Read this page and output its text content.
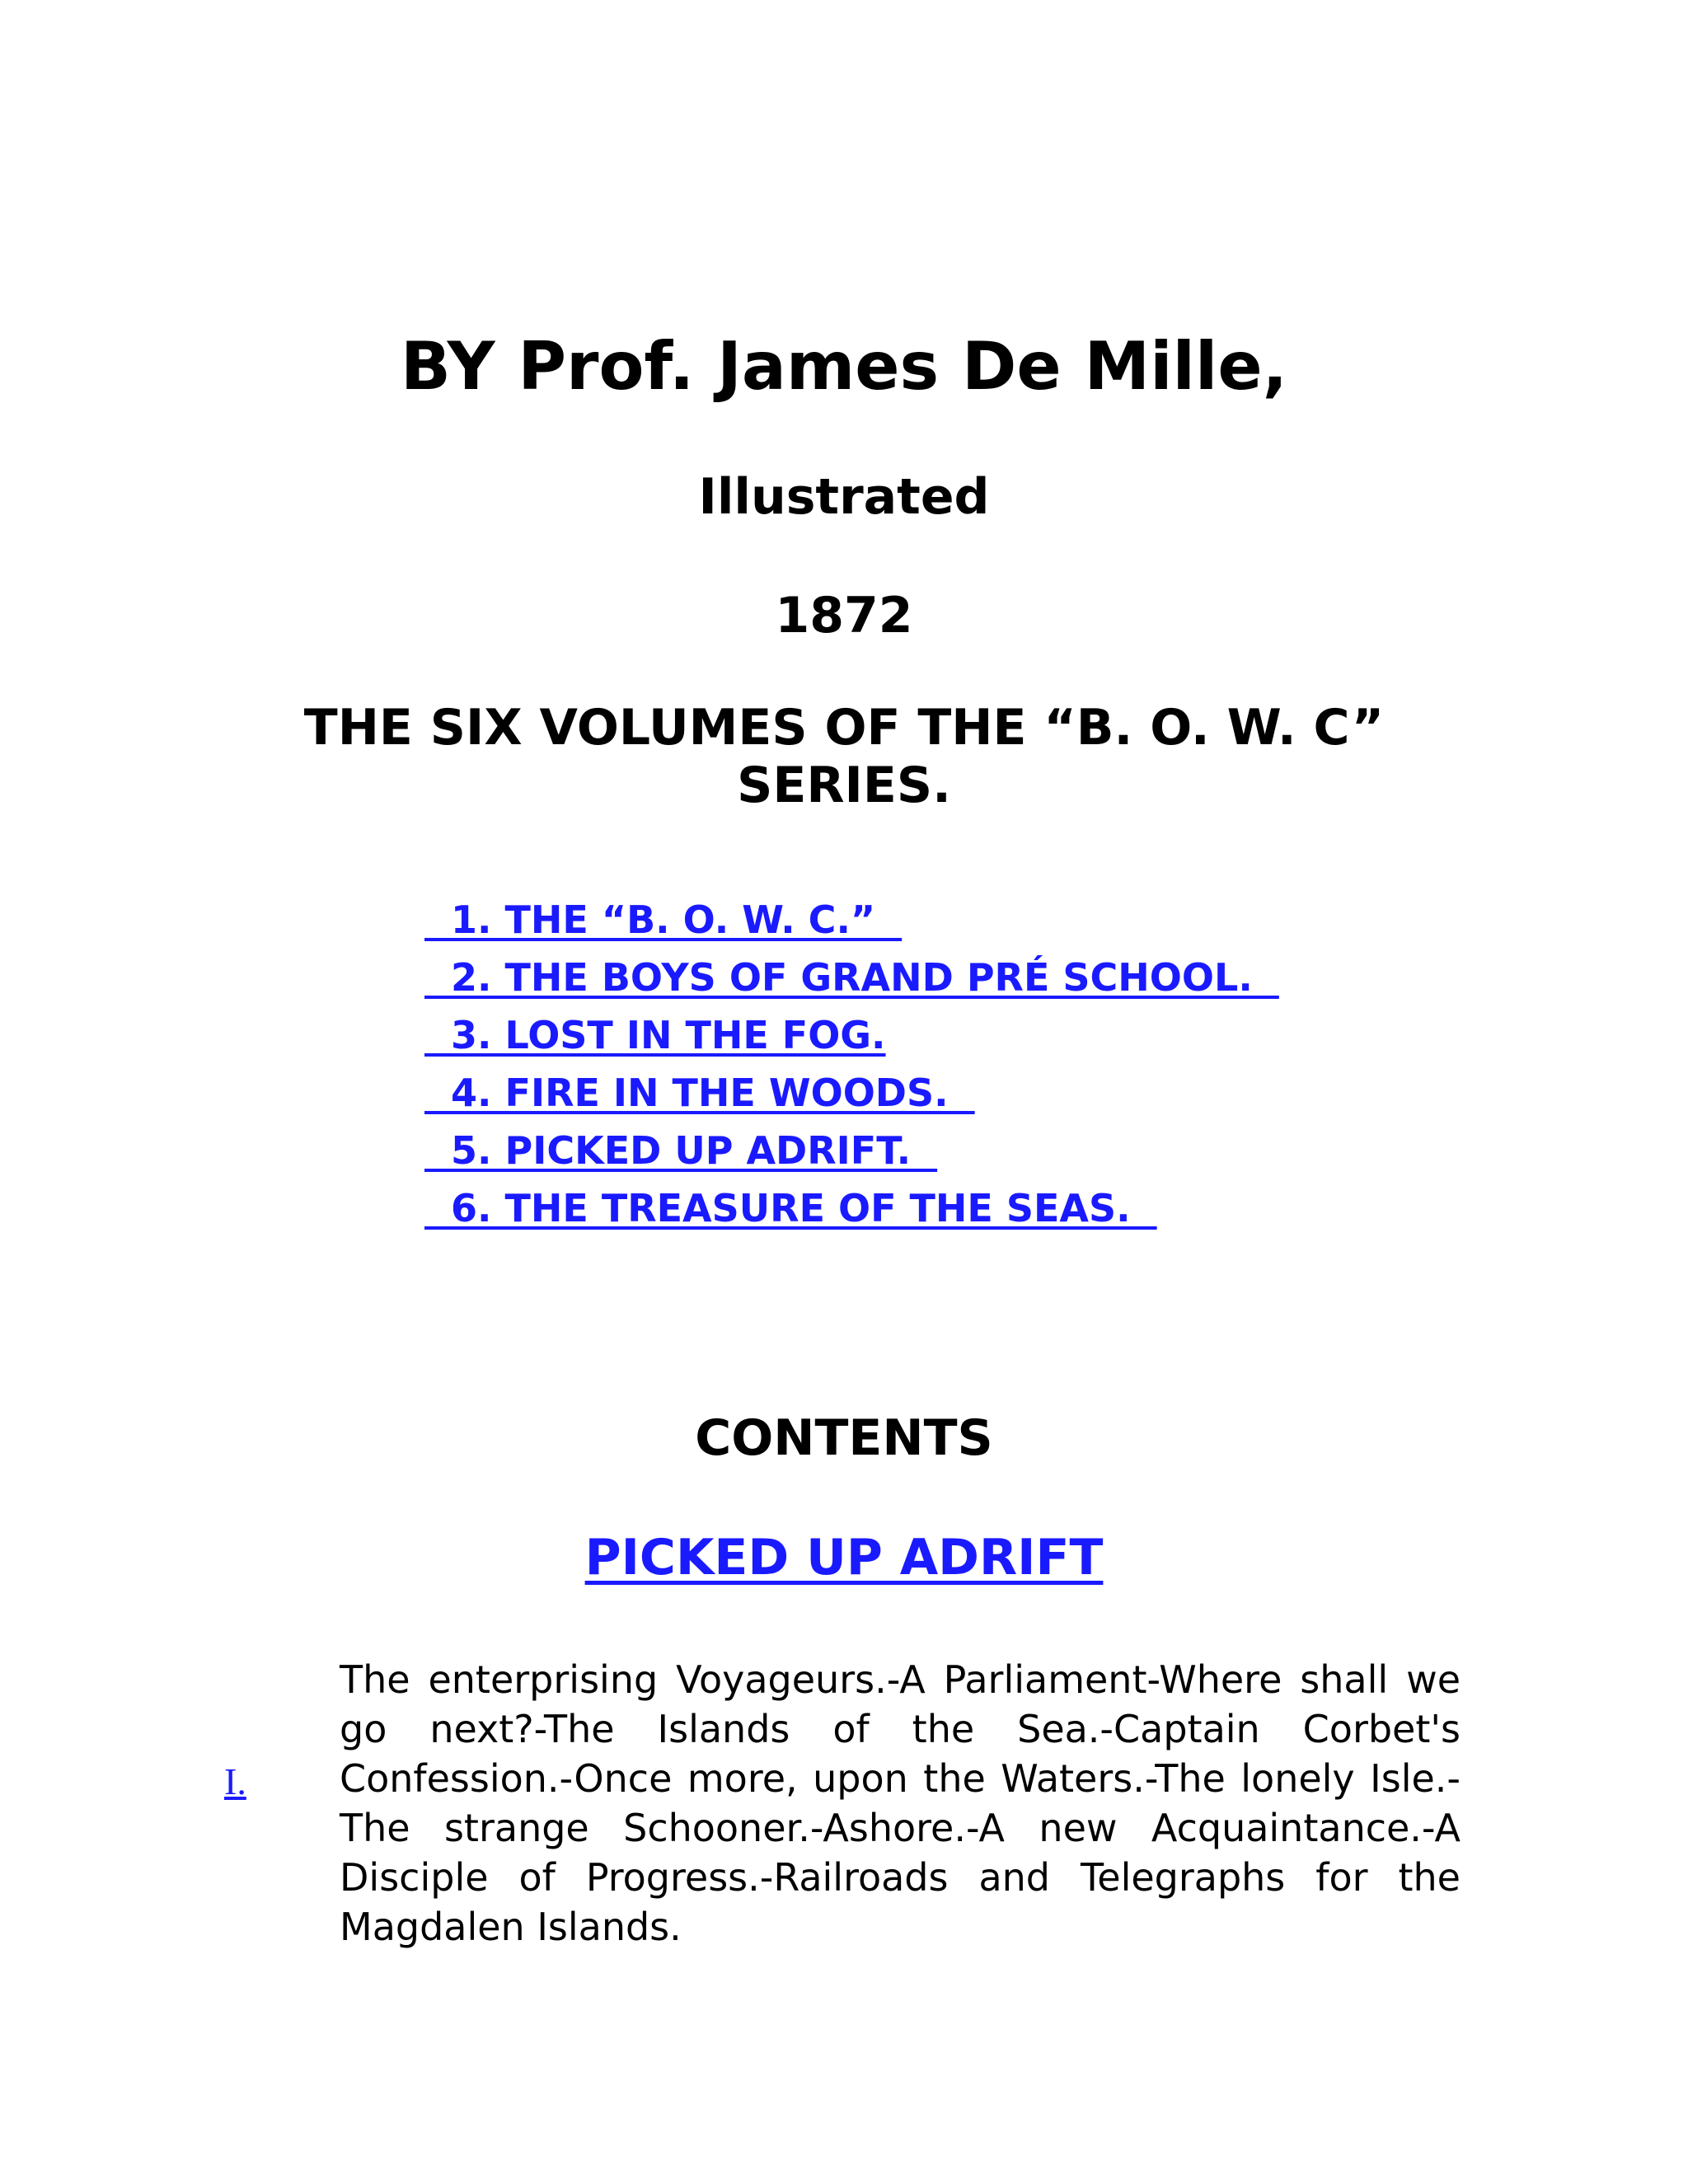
BY Prof. James De Mille,
Illustrated
1872
THE SIX VOLUMES OF THE “B. O. W. C” SERIES.
1. THE “B. O. W. C.”
2. THE BOYS OF GRAND PRÉ SCHOOL.
3. LOST IN THE FOG.
4. FIRE IN THE WOODS.
5. PICKED UP ADRIFT.
6. THE TREASURE OF THE SEAS.
CONTENTS
PICKED UP ADRIFT
I.

The enterprising Voyageurs.-A Parliament-Where shall we go next?-The Islands of the Sea.-Captain Corbet's Confession.-Once more, upon the Waters.-The lonely Isle.-The strange Schooner.-Ashore.-A new Acquaintance.-A Disciple of Progress.-Railroads and Telegraphs for the Magdalen Islands.
